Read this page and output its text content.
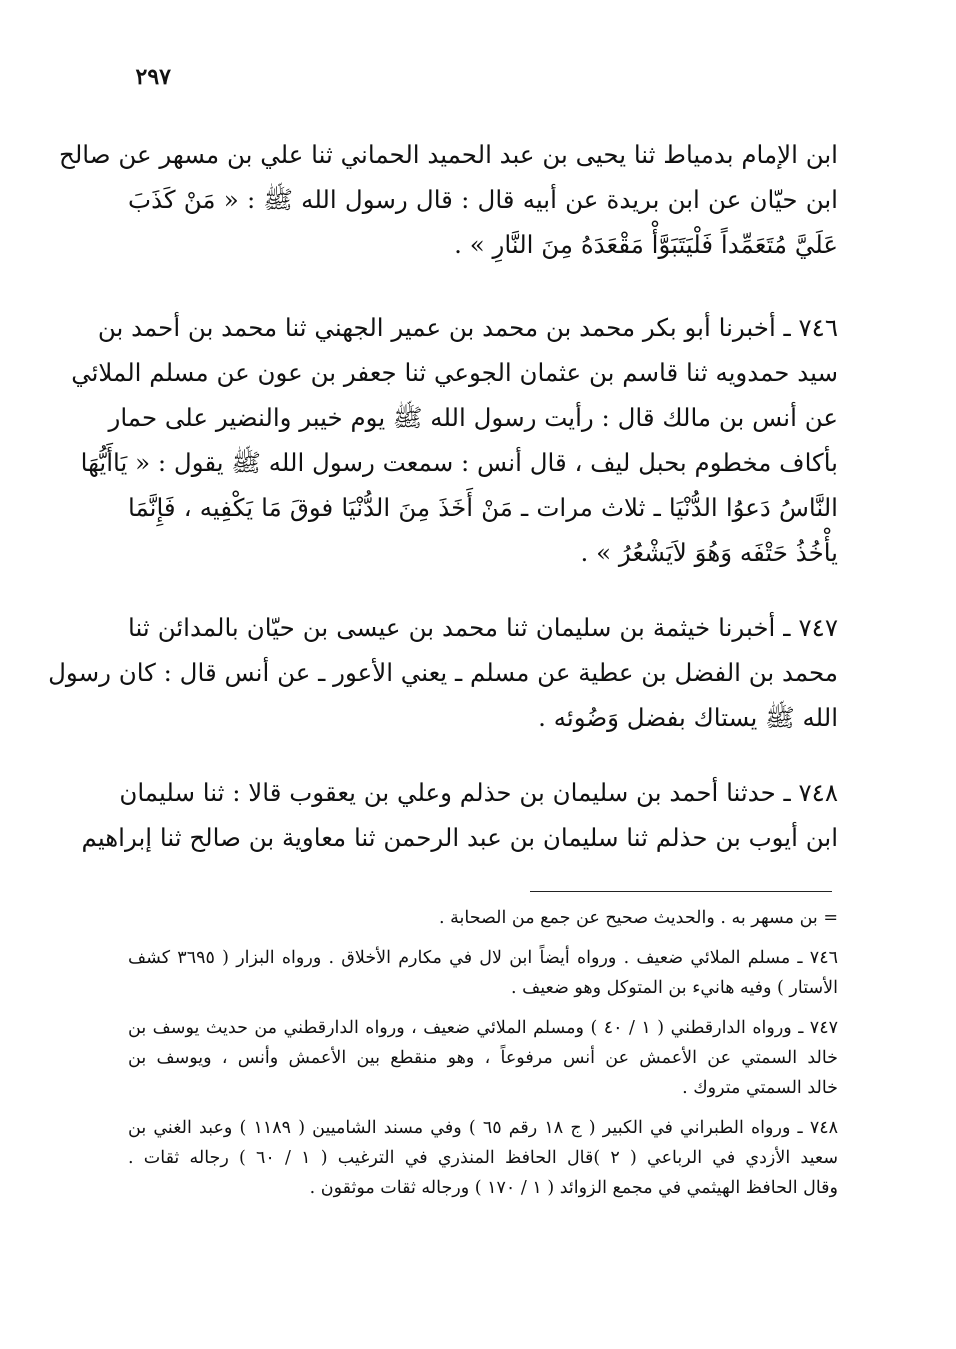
٢٩٧
ابن الإمام بدمياط ثنا يحيى بن عبد الحميد الحماني ثنا علي بن مسهر عن صالح
ابن حيّان عن ابن بريدة عن أبيه قال : قال رسول الله ﷺ : « مَنْ كَذَبَ
عَلَيَّ مُتَعَمِّداً فَلْيَتَبَوَّأْ مَقْعَدَهُ مِنَ النَّارِ » .
٧٤٦ ـ أخبرنا أبو بكر محمد بن محمد بن عمير الجهني ثنا محمد بن أحمد بن
سيد حمدويه ثنا قاسم بن عثمان الجوعي ثنا جعفر بن عون عن مسلم الملائي
عن أنس بن مالك قال : رأيت رسول الله ﷺ يوم خيبر والنضير على حمار
بأكاف مخطوم بحبل ليف ، قال أنس : سمعت رسول الله ﷺ يقول : « يَاأَيُّهَا
النَّاسُ دَعوُا الدُّنْيَا ـ ثلاث مرات ـ مَنْ أَخَذَ مِنَ الدُّنْيَا فوقَ مَا يَكْفِيه ، فَإِنَّمَا
يأْخُذُ حَتْفَه وَهُوَ لاَيَشْعُرُ » .
٧٤٧ ـ أخبرنا خيثمة بن سليمان ثنا محمد بن عيسى بن حيّان بالمدائن ثنا
محمد بن الفضل بن عطية عن مسلم ـ يعني الأعور ـ عن أنس قال : كان رسول
الله ﷺ يستاك بفضل وَضُوئه .
٧٤٨ ـ حدثنا أحمد بن سليمان بن حذلم وعلي بن يعقوب قالا : ثنا سليمان
ابن أيوب بن حذلم ثنا سليمان بن عبد الرحمن ثنا معاوية بن صالح ثنا إبراهيم
= بن مسهر به . والحديث صحيح عن جمع من الصحابة .
٧٤٦ ـ مسلم الملائي ضعيف . ورواه أيضاً ابن لال في مكارم الأخلاق . ورواه البزار ( ٣٦٩٥ كشف
الأستار ) وفيه هانيء بن المتوكل وهو ضعيف .
٧٤٧ ـ ورواه الدارقطني ( ١ / ٤٠ ) ومسلم الملائي ضعيف ، ورواه الدارقطني من حديث يوسف بن
خالد السمتي عن الأعمش عن أنس مرفوعاً ، وهو منقطع بين الأعمش وأنس ، ويوسف بن
خالد السمتي متروك .
٧٤٨ ـ ورواه الطبراني في الكبير ( ج ١٨ رقم ٦٥ ) وفي مسند الشاميين ( ١١٨٩ ) وعبد الغني بن
سعيد الأزدي في الرباعي ( ٢ )قال الحافظ المنذري في الترغيب ( ١ / ٦٠ ) رجاله ثقات .
وقال الحافظ الهيثمي في مجمع الزوائد ( ١ / ١٧٠ ) ورجاله ثقات موثقون .
